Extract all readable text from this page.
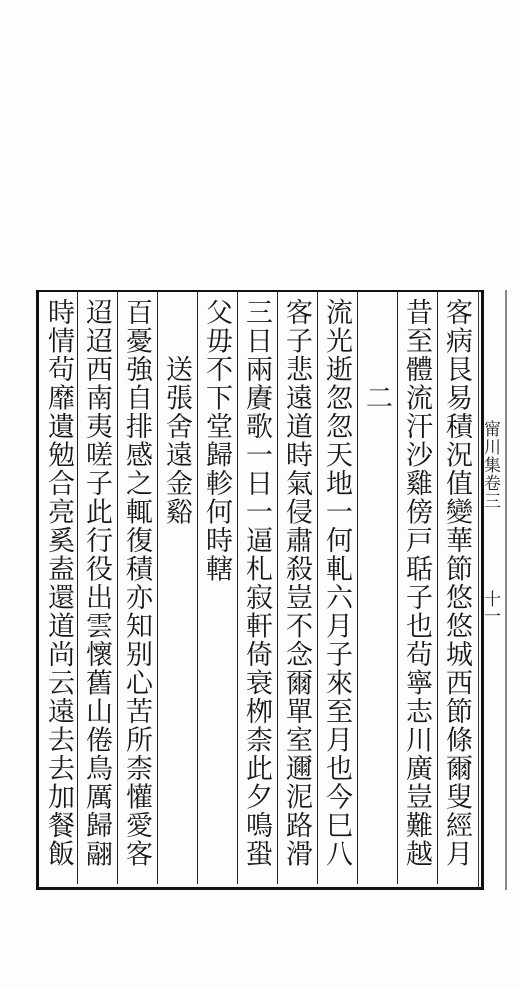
客病艮易積況值變華節悠悠城西節條爾叟經月
昔至體流汗沙雞傍戸聒子也茍寧志川廣豈難越
　　　二
流光逝忽忽天地一何軋六月子來至月也今巳八
客子悲遠道時氣侵肅殺豈不念爾單室邇泥路滑
三日兩賡歌一日一逼札寂軒倚衰栁柰此夕鳴蛩
父毋不下堂歸軫何時轄
　　送張舍遠金谿
百憂強自排感之輒復積亦知别心苦所柰懽愛客
迢迢西南夷嗟子此行役出雲懷舊山倦鳥厲歸翮
時情茍靡遺勉合亮奚盍還道尚云遠去去加餐飯	甯川集卷三
十一
